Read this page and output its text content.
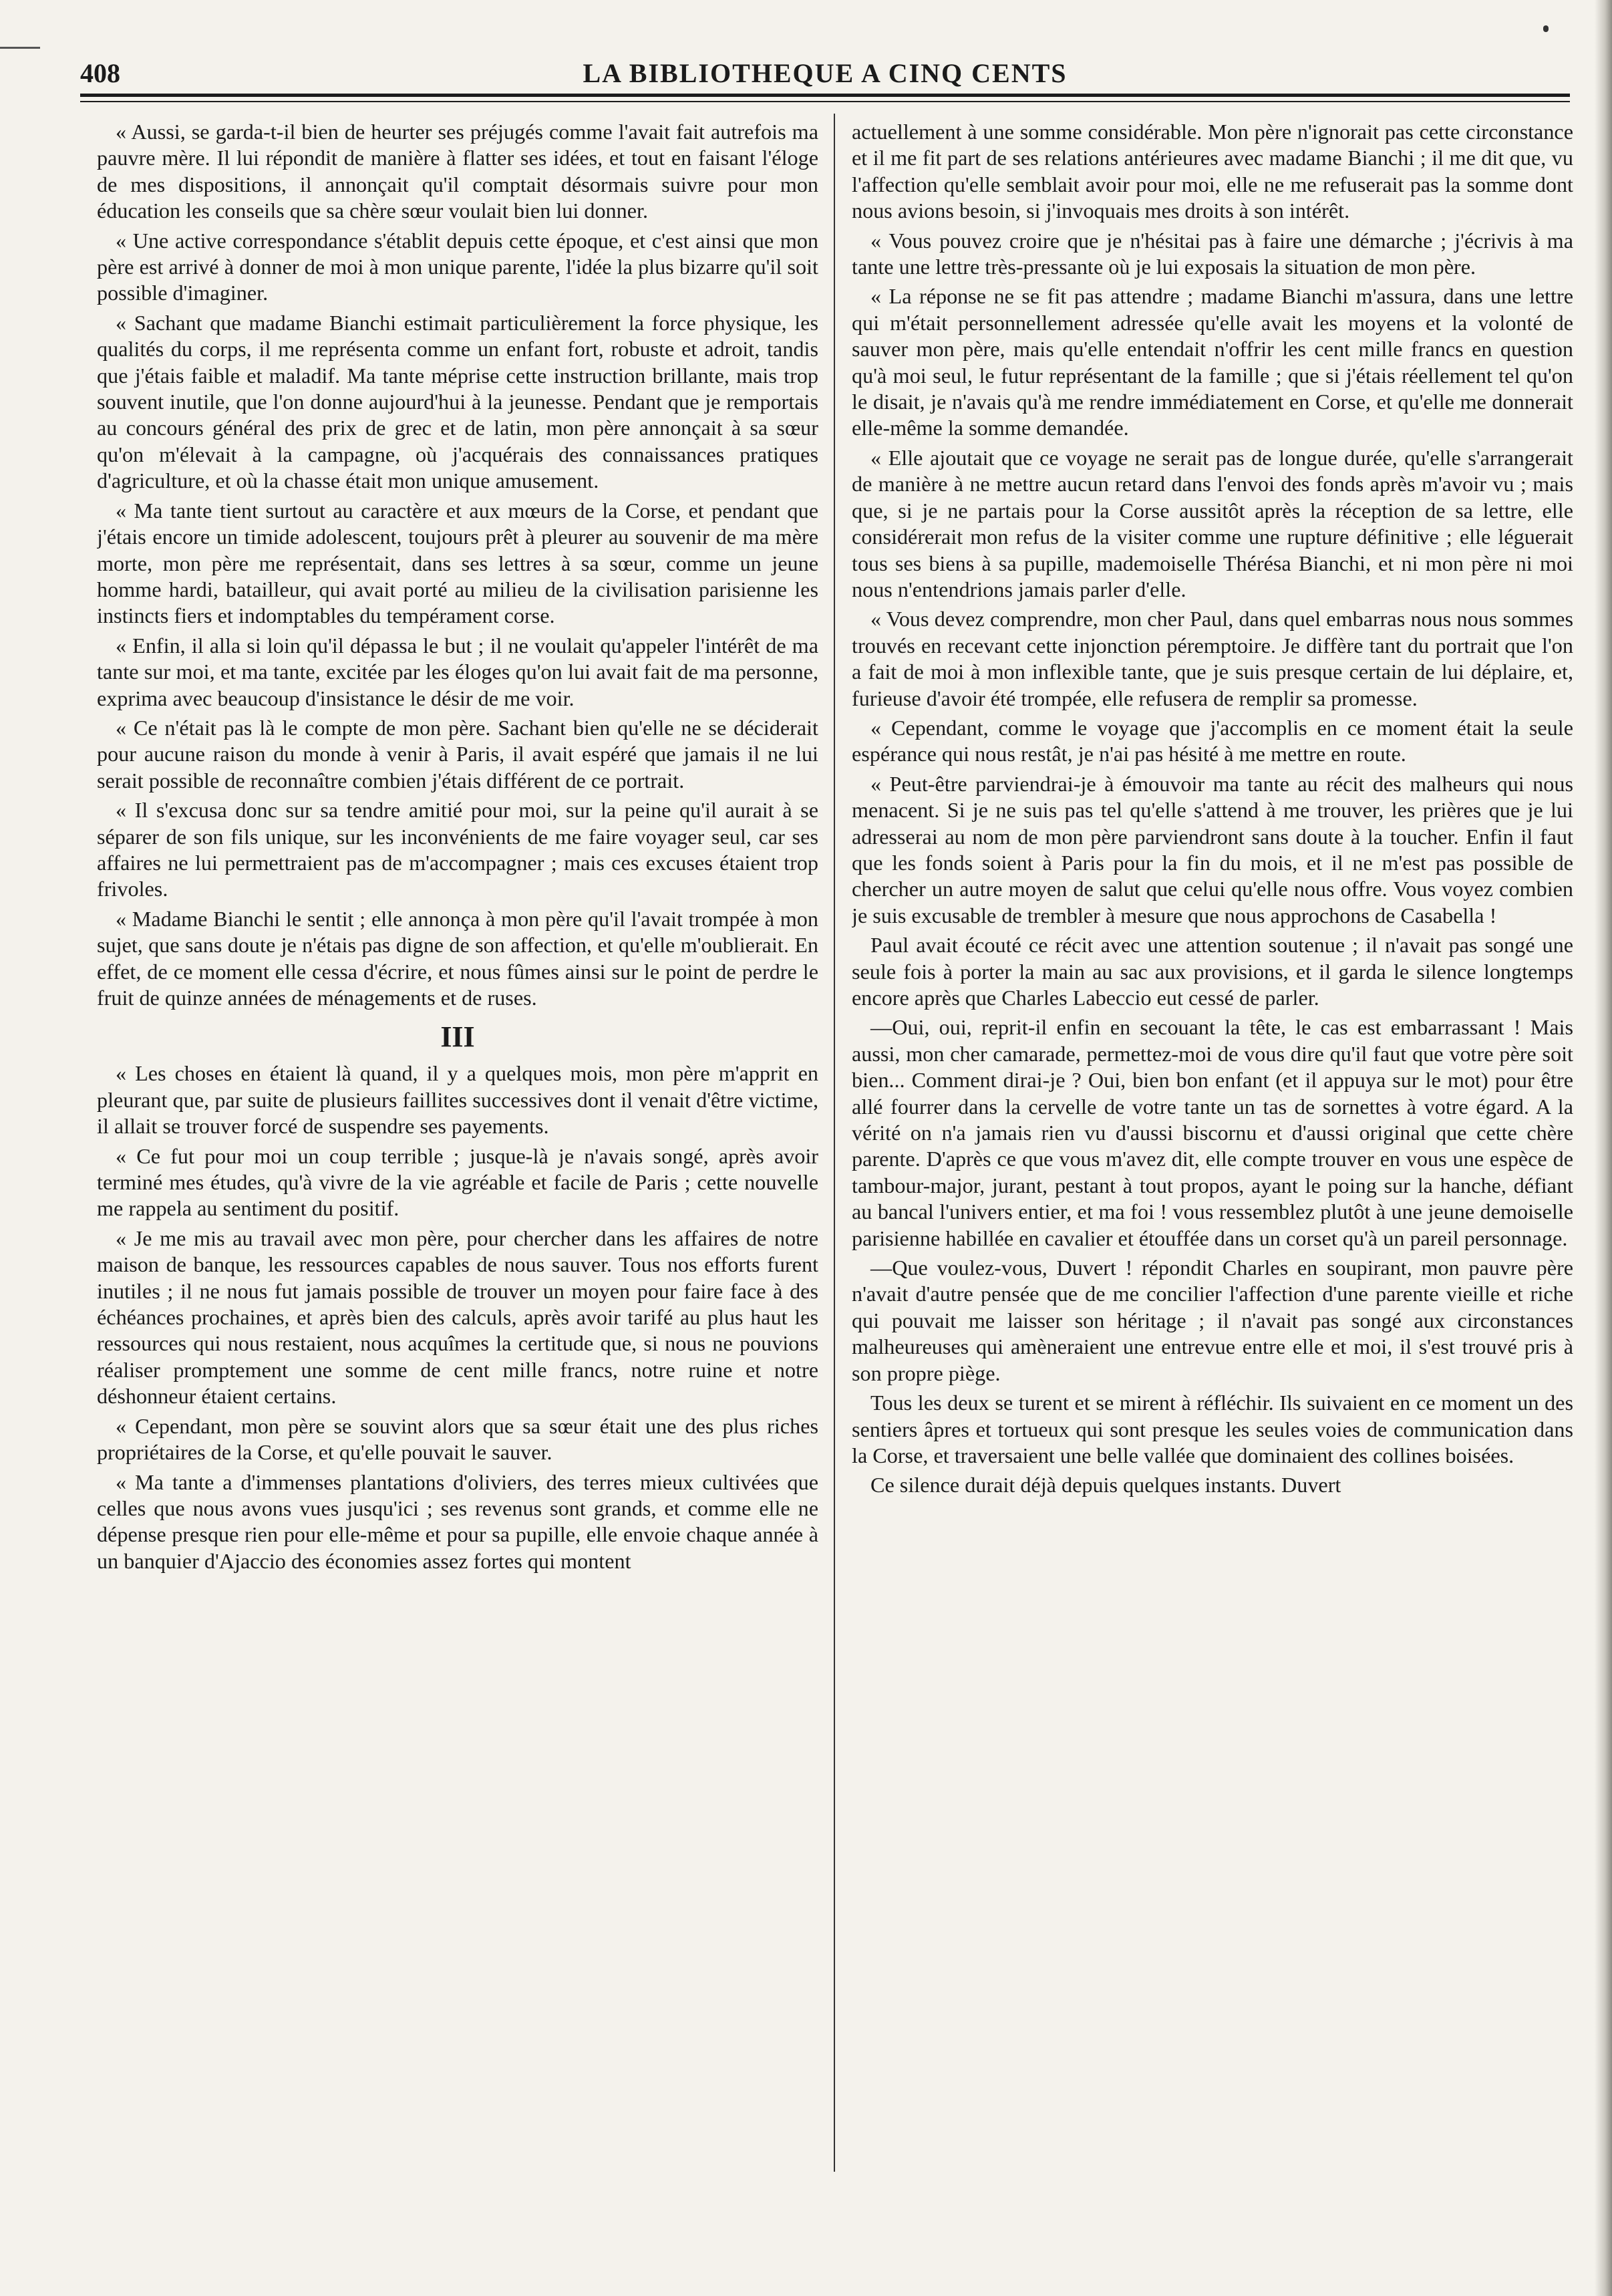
408	LA BIBLIOTHEQUE A CINQ CENTS

« Aussi, se garda-t-il bien de heurter ses préjugés comme l'avait fait autrefois ma pauvre mère. Il lui répondit de manière à flatter ses idées, et tout en faisant l'éloge de mes dispositions, il annonçait qu'il comptait désormais suivre pour mon éducation les conseils que sa chère sœur voulait bien lui donner.

« Une active correspondance s'établit depuis cette époque, et c'est ainsi que mon père est arrivé à donner de moi à mon unique parente, l'idée la plus bizarre qu'il soit possible d'imaginer.

« Sachant que madame Bianchi estimait particulièrement la force physique, les qualités du corps, il me représenta comme un enfant fort, robuste et adroit, tandis que j'étais faible et maladif. Ma tante méprise cette instruction brillante, mais trop souvent inutile, que l'on donne aujourd'hui à la jeunesse. Pendant que je remportais au concours général des prix de grec et de latin, mon père annonçait à sa sœur qu'on m'élevait à la campagne, où j'acquérais des connaissances pratiques d'agriculture, et où la chasse était mon unique amusement.

« Ma tante tient surtout au caractère et aux mœurs de la Corse, et pendant que j'étais encore un timide adolescent, toujours prêt à pleurer au souvenir de ma mère morte, mon père me représentait, dans ses lettres à sa sœur, comme un jeune homme hardi, batailleur, qui avait porté au milieu de la civilisation parisienne les instincts fiers et indomptables du tempérament corse.

« Enfin, il alla si loin qu'il dépassa le but ; il ne voulait qu'appeler l'intérêt de ma tante sur moi, et ma tante, excitée par les éloges qu'on lui avait fait de ma personne, exprima avec beaucoup d'insistance le désir de me voir.

« Ce n'était pas là le compte de mon père. Sachant bien qu'elle ne se déciderait pour aucune raison du monde à venir à Paris, il avait espéré que jamais il ne lui serait possible de reconnaître combien j'étais différent de ce portrait.

« Il s'excusa donc sur sa tendre amitié pour moi, sur la peine qu'il aurait à se séparer de son fils unique, sur les inconvénients de me faire voyager seul, car ses affaires ne lui permettraient pas de m'accompagner ; mais ces excuses étaient trop frivoles.

« Madame Bianchi le sentit ; elle annonça à mon père qu'il l'avait trompée à mon sujet, que sans doute je n'étais pas digne de son affection, et qu'elle m'oublierait. En effet, de ce moment elle cessa d'écrire, et nous fûmes ainsi sur le point de perdre le fruit de quinze années de ménagements et de ruses.

III

« Les choses en étaient là quand, il y a quelques mois, mon père m'apprit en pleurant que, par suite de plusieurs faillites successives dont il venait d'être victime, il allait se trouver forcé de suspendre ses payements.

« Ce fut pour moi un coup terrible ; jusque-là je n'avais songé, après avoir terminé mes études, qu'à vivre de la vie agréable et facile de Paris ; cette nouvelle me rappela au sentiment du positif.

« Je me mis au travail avec mon père, pour chercher dans les affaires de notre maison de banque, les ressources capables de nous sauver. Tous nos efforts furent inutiles ; il ne nous fut jamais possible de trouver un moyen pour faire face à des échéances prochaines, et après bien des calculs, après avoir tarifé au plus haut les ressources qui nous restaient, nous acquîmes la certitude que, si nous ne pouvions réaliser promptement une somme de cent mille francs, notre ruine et notre déshonneur étaient certains.

« Cependant, mon père se souvint alors que sa sœur était une des plus riches propriétaires de la Corse, et qu'elle pouvait le sauver.

« Ma tante a d'immenses plantations d'oliviers, des terres mieux cultivées que celles que nous avons vues jusqu'ici ; ses revenus sont grands, et comme elle ne dépense presque rien pour elle-même et pour sa pupille, elle envoie chaque année à un banquier d'Ajaccio des économies assez fortes qui montent

actuellement à une somme considérable. Mon père n'ignorait pas cette circonstance et il me fit part de ses relations antérieures avec madame Bianchi ; il me dit que, vu l'affection qu'elle semblait avoir pour moi, elle ne me refuserait pas la somme dont nous avions besoin, si j'invoquais mes droits à son intérêt.

« Vous pouvez croire que je n'hésitai pas à faire une démarche ; j'écrivis à ma tante une lettre très-pressante où je lui exposais la situation de mon père.

« La réponse ne se fit pas attendre ; madame Bianchi m'assura, dans une lettre qui m'était personnellement adressée qu'elle avait les moyens et la volonté de sauver mon père, mais qu'elle entendait n'offrir les cent mille francs en question qu'à moi seul, le futur représentant de la famille ; que si j'étais réellement tel qu'on le disait, je n'avais qu'à me rendre immédiatement en Corse, et qu'elle me donnerait elle-même la somme demandée.

« Elle ajoutait que ce voyage ne serait pas de longue durée, qu'elle s'arrangerait de manière à ne mettre aucun retard dans l'envoi des fonds après m'avoir vu ; mais que, si je ne partais pour la Corse aussitôt après la réception de sa lettre, elle considérerait mon refus de la visiter comme une rupture définitive ; elle léguerait tous ses biens à sa pupille, mademoiselle Thérésa Bianchi, et ni mon père ni moi nous n'entendrions jamais parler d'elle.

« Vous devez comprendre, mon cher Paul, dans quel embarras nous nous sommes trouvés en recevant cette injonction péremptoire. Je diffère tant du portrait que l'on a fait de moi à mon inflexible tante, que je suis presque certain de lui déplaire, et, furieuse d'avoir été trompée, elle refusera de remplir sa promesse.

« Cependant, comme le voyage que j'accomplis en ce moment était la seule espérance qui nous restât, je n'ai pas hésité à me mettre en route.

« Peut-être parviendrai-je à émouvoir ma tante au récit des malheurs qui nous menacent. Si je ne suis pas tel qu'elle s'attend à me trouver, les prières que je lui adresserai au nom de mon père parviendront sans doute à la toucher. Enfin il faut que les fonds soient à Paris pour la fin du mois, et il ne m'est pas possible de chercher un autre moyen de salut que celui qu'elle nous offre. Vous voyez combien je suis excusable de trembler à mesure que nous approchons de Casabella !

Paul avait écouté ce récit avec une attention soutenue ; il n'avait pas songé une seule fois à porter la main au sac aux provisions, et il garda le silence longtemps encore après que Charles Labeccio eut cessé de parler.

—Oui, oui, reprit-il enfin en secouant la tête, le cas est embarrassant ! Mais aussi, mon cher camarade, permettez-moi de vous dire qu'il faut que votre père soit bien... Comment dirai-je ? Oui, bien bon enfant (et il appuya sur le mot) pour être allé fourrer dans la cervelle de votre tante un tas de sornettes à votre égard. A la vérité on n'a jamais rien vu d'aussi biscornu et d'aussi original que cette chère parente. D'après ce que vous m'avez dit, elle compte trouver en vous une espèce de tambour-major, jurant, pestant à tout propos, ayant le poing sur la hanche, défiant au bancal l'univers entier, et ma foi ! vous ressemblez plutôt à une jeune demoiselle parisienne habillée en cavalier et étouffée dans un corset qu'à un pareil personnage.

—Que voulez-vous, Duvert ! répondit Charles en soupirant, mon pauvre père n'avait d'autre pensée que de me concilier l'affection d'une parente vieille et riche qui pouvait me laisser son héritage ; il n'avait pas songé aux circonstances malheureuses qui amèneraient une entrevue entre elle et moi, il s'est trouvé pris à son propre piège.

Tous les deux se turent et se mirent à réfléchir. Ils suivaient en ce moment un des sentiers âpres et tortueux qui sont presque les seules voies de communication dans la Corse, et traversaient une belle vallée que dominaient des collines boisées.

Ce silence durait déjà depuis quelques instants. Duvert
